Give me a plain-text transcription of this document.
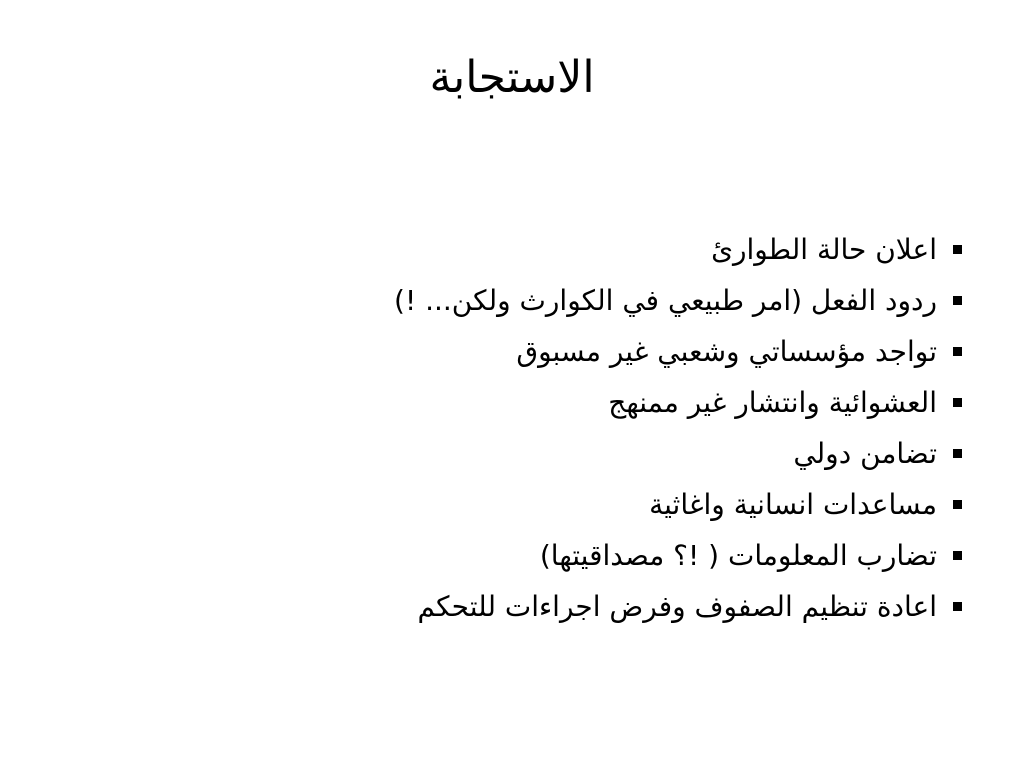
الاستجابة
اعلان حالة الطوارئ
ردود الفعل (امر طبيعي في الكوارث ولكن... !)
تواجد مؤسساتي وشعبي غير مسبوق
العشوائية وانتشار غير ممنهج
تضامن دولي
مساعدات انسانية واغاثية
تضارب المعلومات ( !؟ مصداقيتها)
اعادة تنظيم الصفوف وفرض اجراءات للتحكم
